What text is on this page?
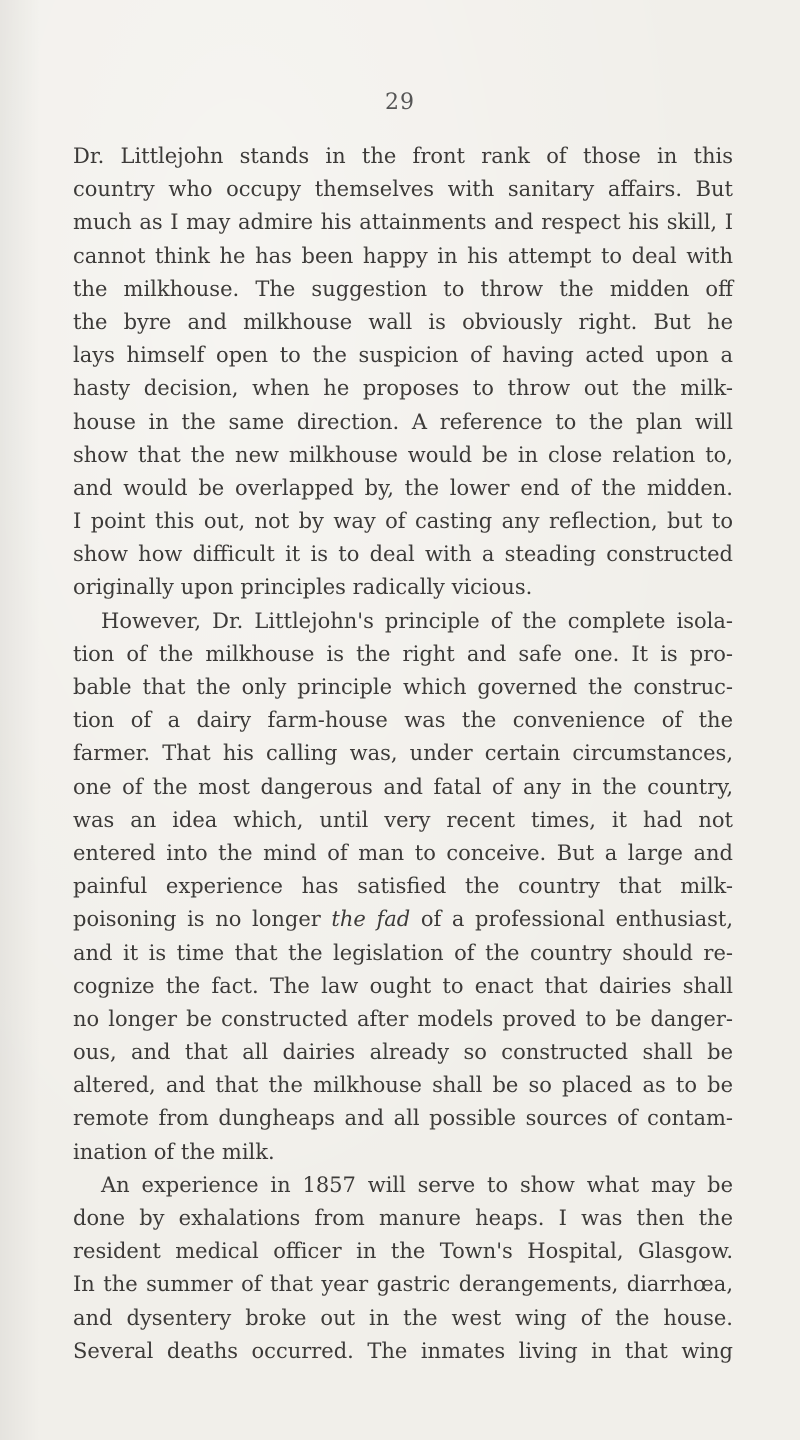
29
Dr. Littlejohn stands in the front rank of those in this
country who occupy themselves with sanitary affairs. But
much as I may admire his attainments and respect his skill, I
cannot think he has been happy in his attempt to deal with
the milkhouse. The suggestion to throw the midden off
the byre and milkhouse wall is obviously right. But he
lays himself open to the suspicion of having acted upon a
hasty decision, when he proposes to throw out the milk-
house in the same direction. A reference to the plan will
show that the new milkhouse would be in close relation to,
and would be overlapped by, the lower end of the midden.
I point this out, not by way of casting any reflection, but to
show how difficult it is to deal with a steading constructed
originally upon principles radically vicious.
However, Dr. Littlejohn's principle of the complete isola-
tion of the milkhouse is the right and safe one. It is pro-
bable that the only principle which governed the construc-
tion of a dairy farm-house was the convenience of the
farmer. That his calling was, under certain circumstances,
one of the most dangerous and fatal of any in the country,
was an idea which, until very recent times, it had not
entered into the mind of man to conceive. But a large and
painful experience has satisfied the country that milk-
poisoning is no longer the fad of a professional enthusiast,
and it is time that the legislation of the country should re-
cognize the fact. The law ought to enact that dairies shall
no longer be constructed after models proved to be danger-
ous, and that all dairies already so constructed shall be
altered, and that the milkhouse shall be so placed as to be
remote from dungheaps and all possible sources of contam-
ination of the milk.
An experience in 1857 will serve to show what may be
done by exhalations from manure heaps. I was then the
resident medical officer in the Town's Hospital, Glasgow.
In the summer of that year gastric derangements, diarrhœa,
and dysentery broke out in the west wing of the house.
Several deaths occurred. The inmates living in that wing
